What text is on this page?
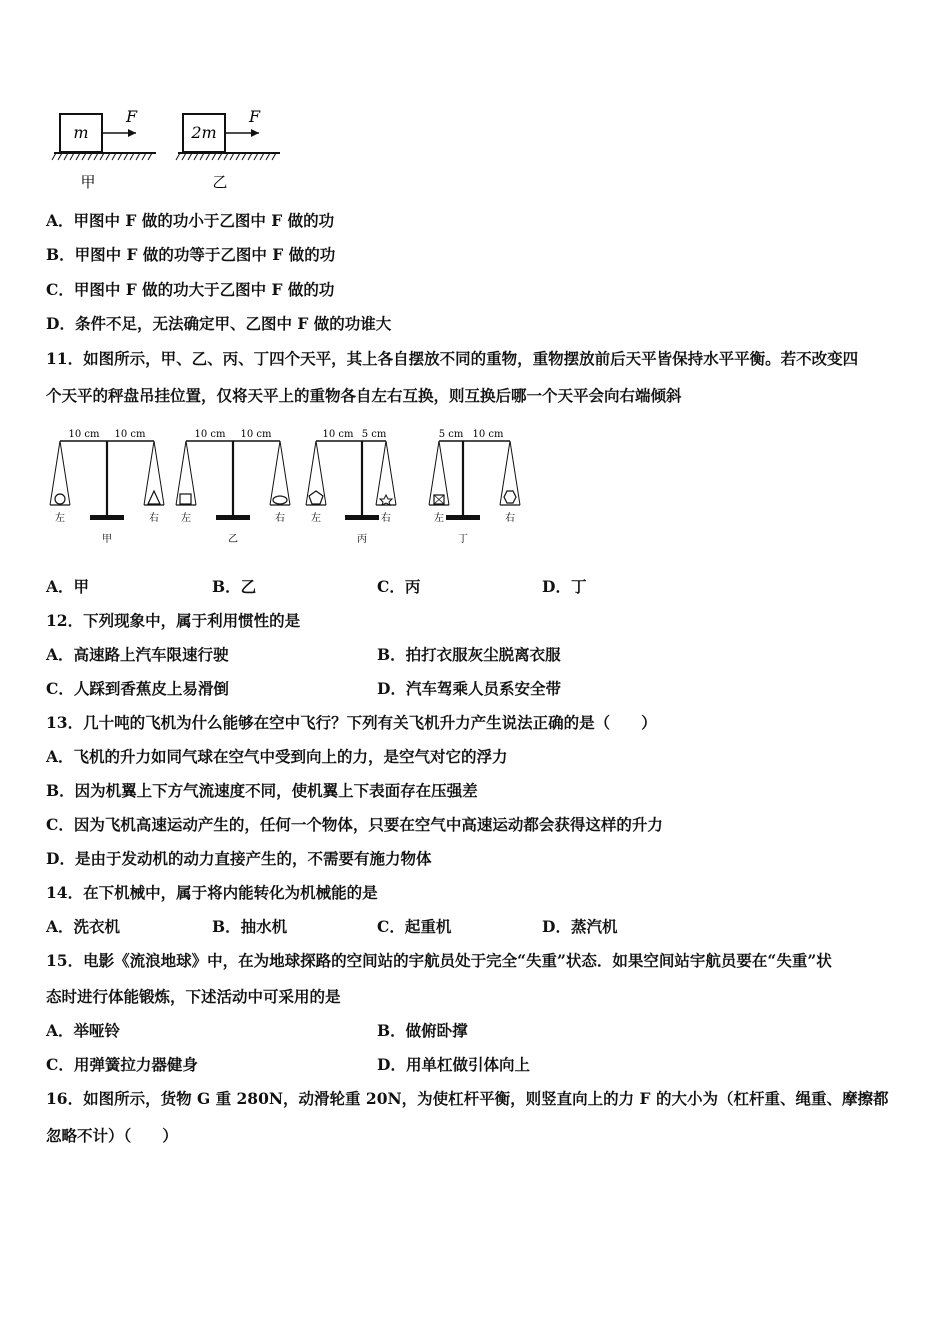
m
F
甲
2m
F
乙
A．甲图中 F 做的功小于乙图中 F 做的功
B．甲图中 F 做的功等于乙图中 F 做的功
C．甲图中 F 做的功大于乙图中 F 做的功
D．条件不足，无法确定甲、乙图中 F 做的功谁大
11．如图所示，甲、乙、丙、丁四个天平，其上各自摆放不同的重物，重物摆放前后天平皆保持水平平衡。若不改变四
个天平的秤盘吊挂位置，仅将天平上的重物各自左右互换，则互换后哪一个天平会向右端倾斜
10 cm 10 cm
左	右
甲
10 cm 10 cm
左	右
乙
10 cm 5 cm
左	右
丙
5 cm 10 cm
左	右
丁
A．甲	B．乙	C．丙	D．丁
12．下列现象中，属于利用惯性的是
A．高速路上汽车限速行驶	B．拍打衣服灰尘脱离衣服
C．人踩到香蕉皮上易滑倒	D．汽车驾乘人员系安全带
13．几十吨的飞机为什么能够在空中飞行？下列有关飞机升力产生说法正确的是（　　）
A．飞机的升力如同气球在空气中受到向上的力，是空气对它的浮力
B．因为机翼上下方气流速度不同，使机翼上下表面存在压强差
C．因为飞机高速运动产生的，任何一个物体，只要在空气中高速运动都会获得这样的升力
D．是由于发动机的动力直接产生的，不需要有施力物体
14．在下机械中，属于将内能转化为机械能的是
A．洗衣机	B．抽水机	C．起重机	D．蒸汽机
15．电影《流浪地球》中，在为地球探路的空间站的宇航员处于完全“失重”状态．如果空间站宇航员要在“失重”状
态时进行体能锻炼，下述活动中可采用的是
A．举哑铃	B．做俯卧撑
C．用弹簧拉力器健身	D．用单杠做引体向上
16．如图所示，货物 G 重 280N，动滑轮重 20N，为使杠杆平衡，则竖直向上的力 F 的大小为（杠杆重、绳重、摩擦都
忽略不计）（　　）
